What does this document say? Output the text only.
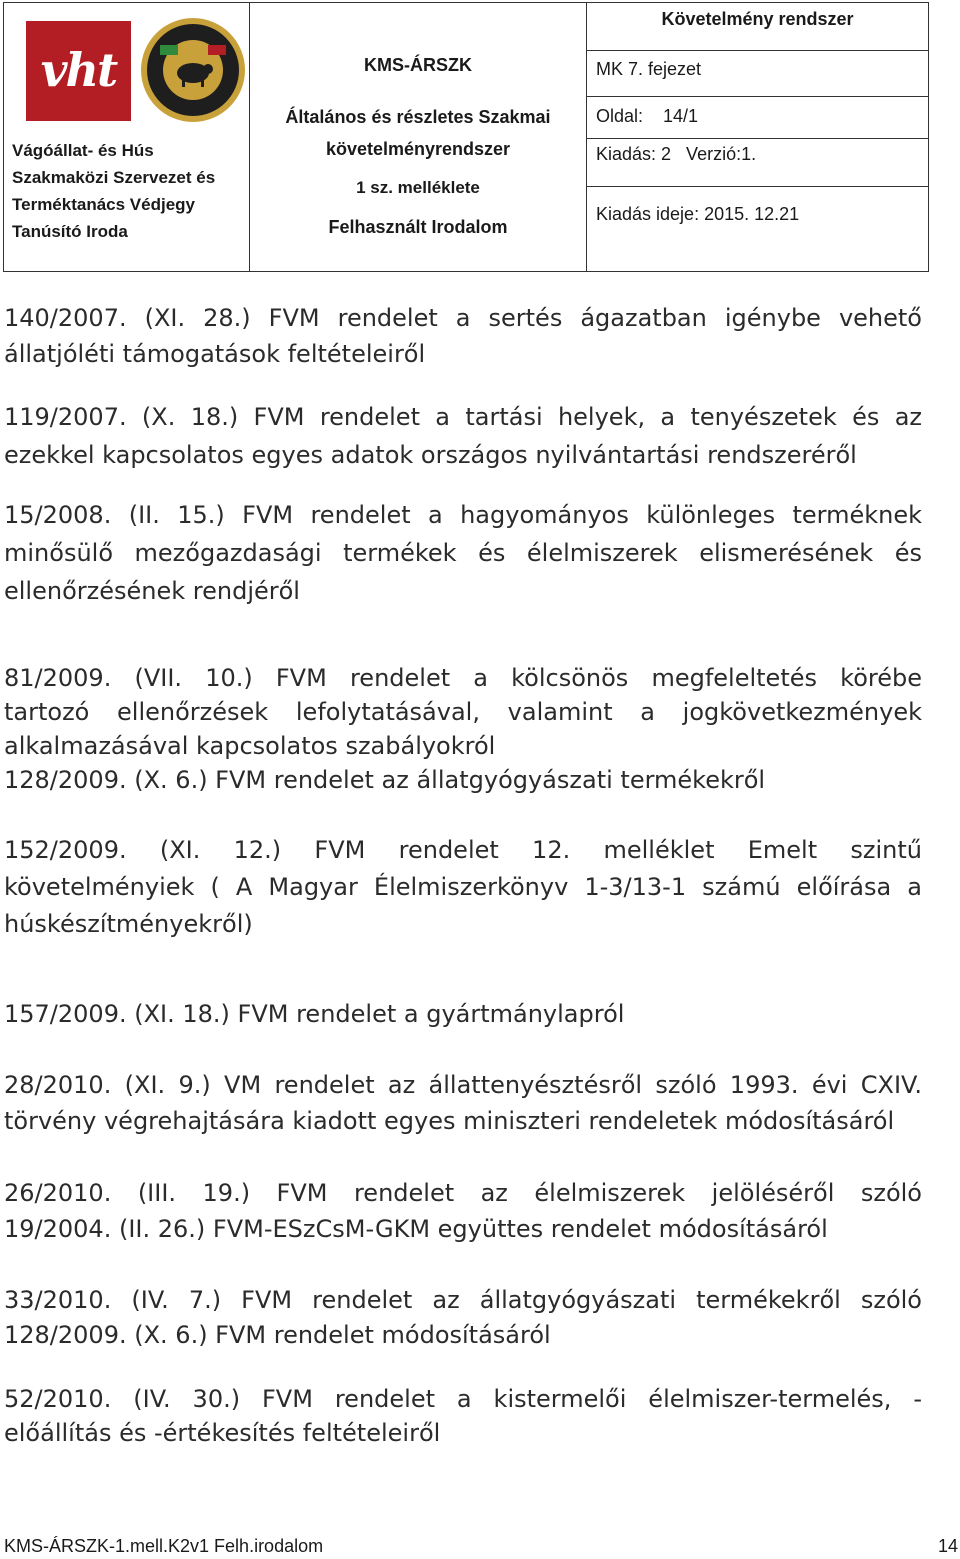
vht
Vágóállat- és Hús
Szakmaközi Szervezet és
Terméktanács Védjegy
Tanúsító Iroda
KMS-ÁRSZK
Általános és részletes Szakmai
követelményrendszer
1 sz. melléklete
Felhasznált Irodalom
Követelmény rendszer
MK 7. fejezet
Oldal: 14/1
Kiadás: 2   Verzió:1.
Kiadás ideje: 2015. 12.21

140/2007. (XI. 28.) FVM rendelet a sertés ágazatban igénybe vehető

állatjóléti támogatások feltételeiről

119/2007. (X. 18.) FVM rendelet a tartási helyek, a tenyészetek és az

ezekkel kapcsolatos egyes adatok országos nyilvántartási rendszeréről

15/2008. (II. 15.) FVM rendelet a hagyományos különleges terméknek

minősülő mezőgazdasági termékek és élelmiszerek elismerésének és

ellenőrzésének rendjéről

81/2009. (VII. 10.) FVM rendelet a kölcsönös megfeleltetés körébe

tartozó ellenőrzések lefolytatásával, valamint a jogkövetkezmények

alkalmazásával kapcsolatos szabályokról

128/2009. (X. 6.) FVM rendelet az állatgyógyászati termékekről

152/2009. (XI. 12.) FVM rendelet 12. melléklet Emelt szintű

követelményiek ( A Magyar Élelmiszerkönyv 1-3/13-1 számú előírása a

húskészítményekről)

157/2009. (XI. 18.) FVM rendelet a gyártmánylapról

28/2010. (XI. 9.) VM rendelet az állattenyésztésről szóló 1993. évi CXIV.

törvény végrehajtására kiadott egyes miniszteri rendeletek módosításáról

26/2010. (III. 19.) FVM rendelet az élelmiszerek jelöléséről szóló

19/2004. (II. 26.) FVM-ESzCsM-GKM együttes rendelet módosításáról

33/2010. (IV. 7.) FVM rendelet az állatgyógyászati termékekről szóló

128/2009. (X. 6.) FVM rendelet módosításáról

52/2010. (IV. 30.) FVM rendelet a kistermelői élelmiszer-termelés, -

előállítás és -értékesítés feltételeiről

KMS-ÁRSZK-1.mell.K2v1 Felh.irodalom	14
